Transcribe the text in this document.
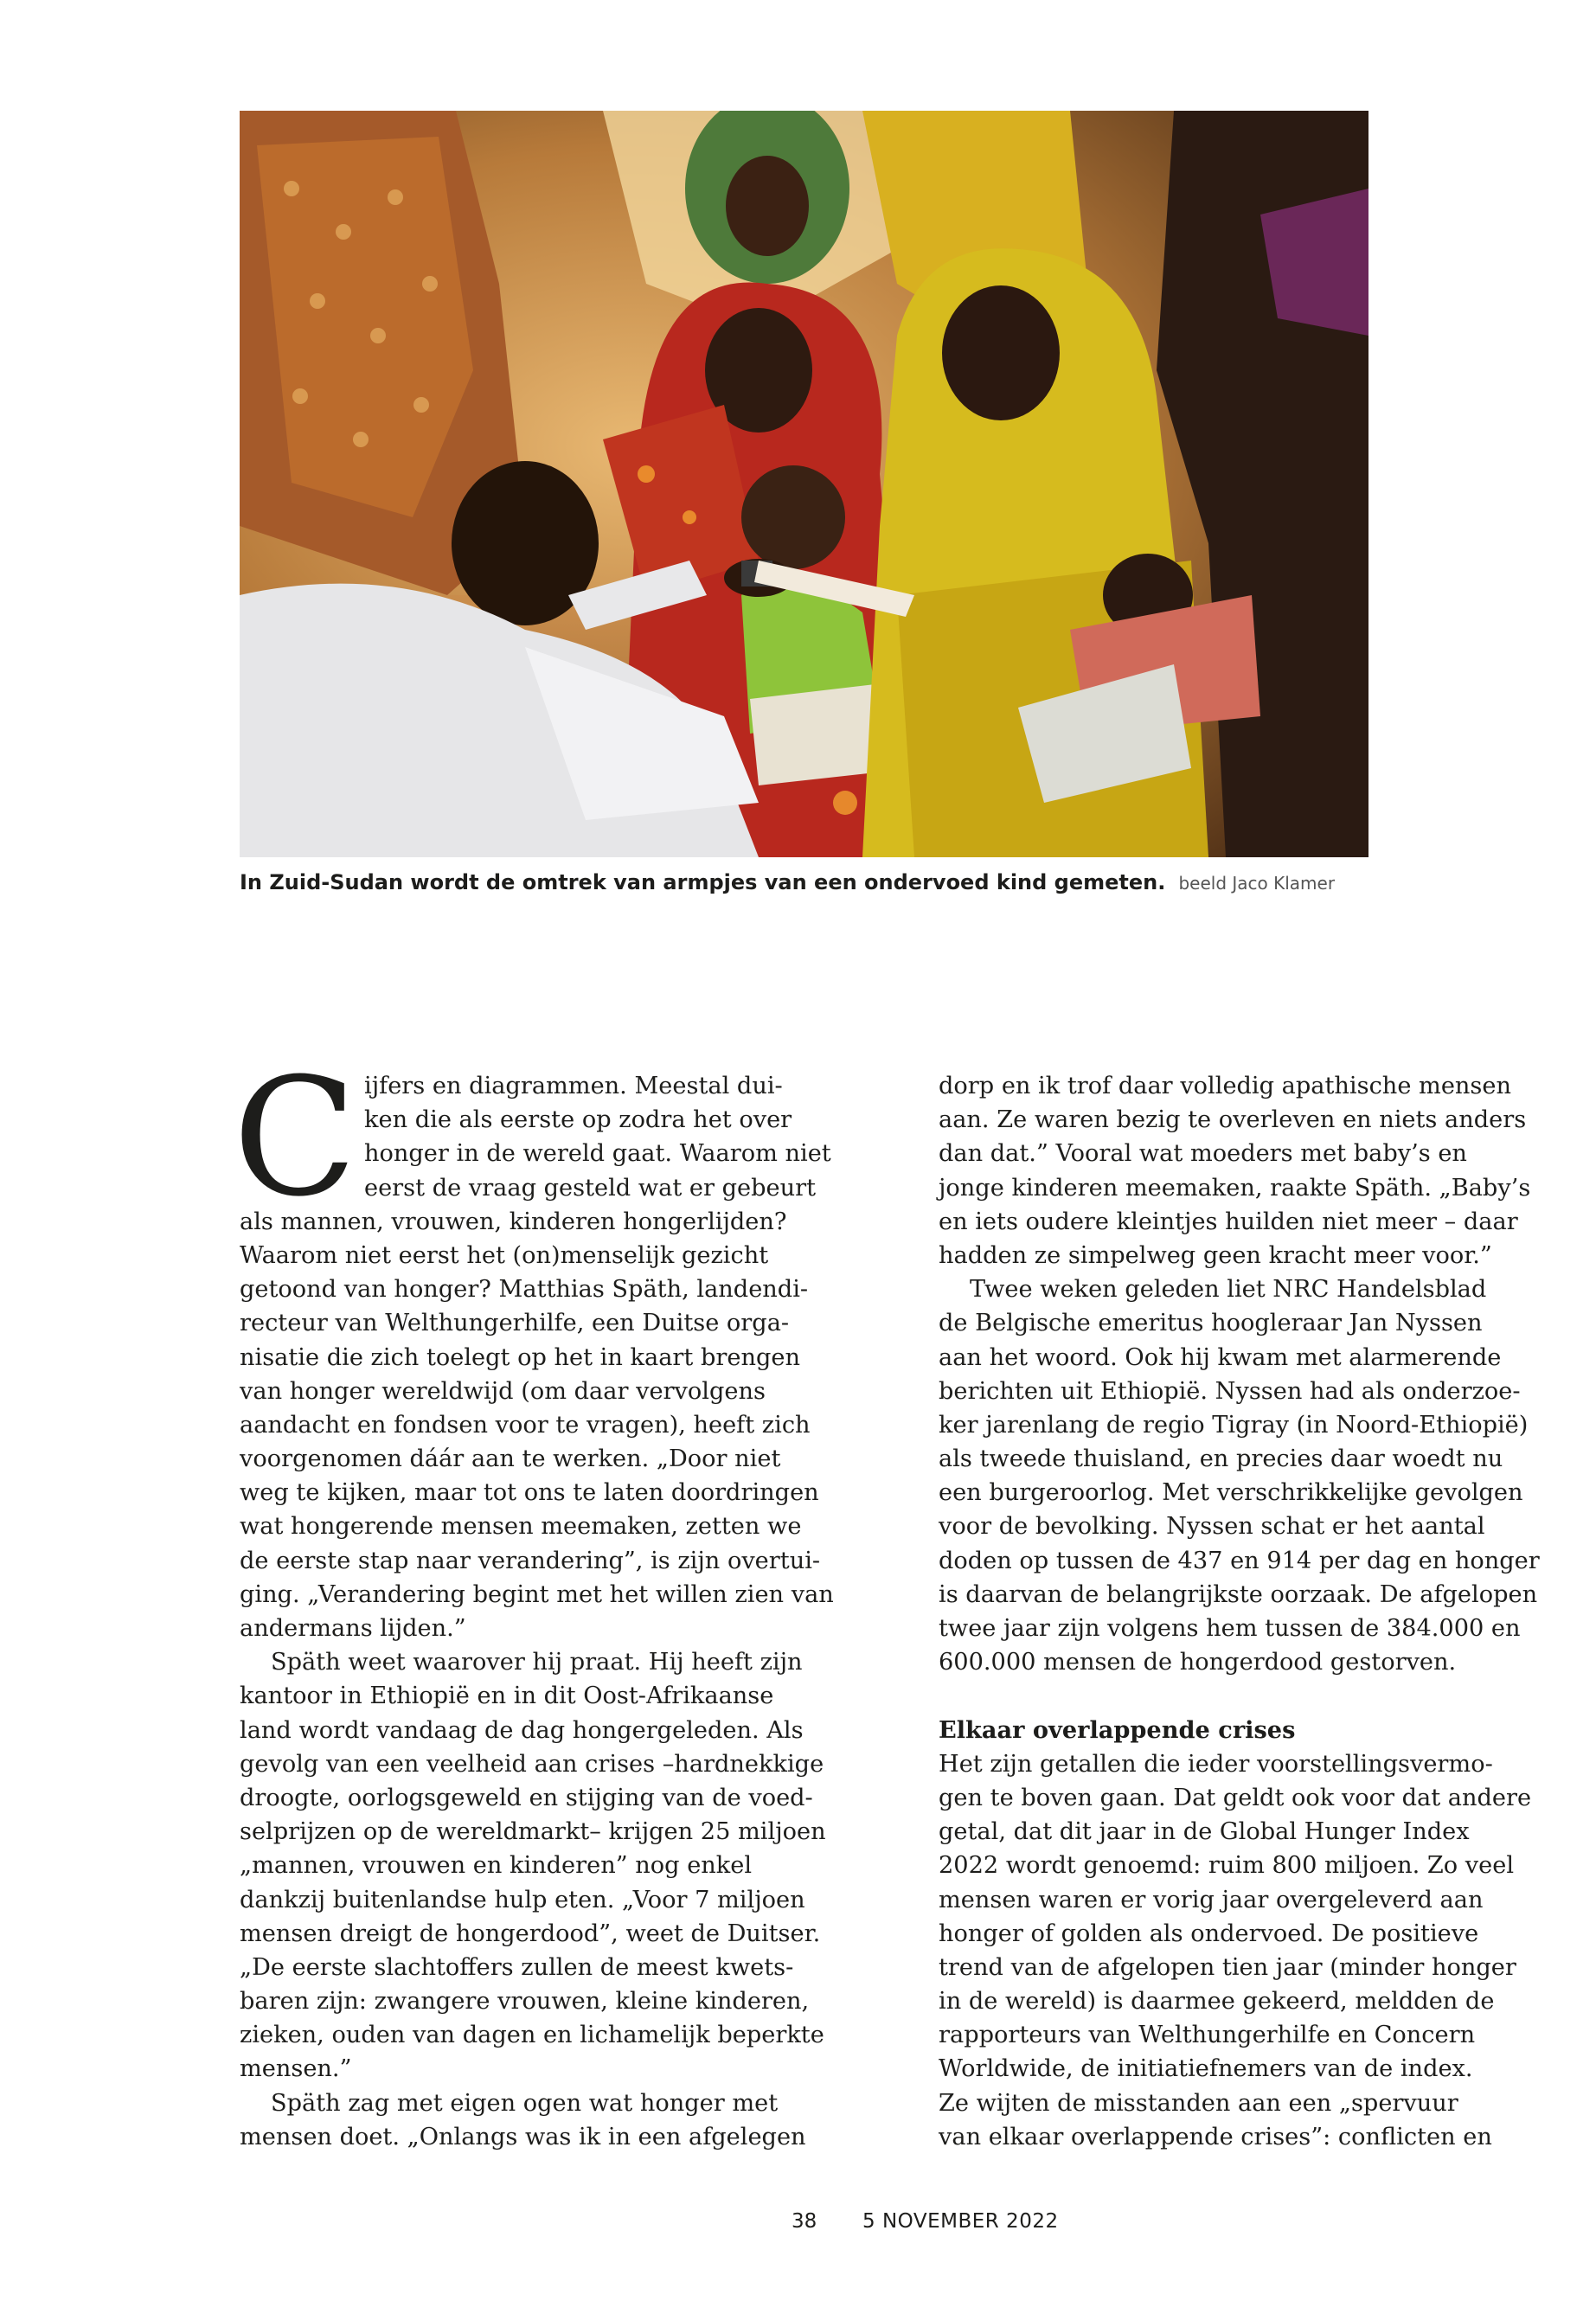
In Zuid-Sudan wordt de omtrek van armpjes van een ondervoed kind gemeten. beeld Jaco Klamer
C ijfers en diagrammen. Meestal dui-
ken die als eerste op zodra het over
honger in de wereld gaat. Waarom niet
eerst de vraag gesteld wat er gebeurt
als mannen, vrouwen, kinderen hongerlijden?
Waarom niet eerst het (on)menselijk gezicht
getoond van honger? Matthias Späth, landendi-
recteur van Welthungerhilfe, een Duitse orga-
nisatie die zich toelegt op het in kaart brengen
van honger wereldwijd (om daar vervolgens
aandacht en fondsen voor te vragen), heeft zich
voorgenomen dáár aan te werken. „Door niet
weg te kijken, maar tot ons te laten doordringen
wat hongerende mensen meemaken, zetten we
de eerste stap naar verandering”, is zijn overtui-
ging. „Verandering begint met het willen zien van
andermans lijden.”
Späth weet waarover hij praat. Hij heeft zijn
kantoor in Ethiopië en in dit Oost-Afrikaanse
land wordt vandaag de dag hongergeleden. Als
gevolg van een veelheid aan crises –hardnekkige
droogte, oorlogsgeweld en stijging van de voed-
selprijzen op de wereldmarkt– krijgen 25 miljoen
„mannen, vrouwen en kinderen” nog enkel
dankzij buitenlandse hulp eten. „Voor 7 miljoen
mensen dreigt de hongerdood”, weet de Duitser.
„De eerste slachtoffers zullen de meest kwets-
baren zijn: zwangere vrouwen, kleine kinderen,
zieken, ouden van dagen en lichamelijk beperkte
mensen.”
Späth zag met eigen ogen wat honger met
mensen doet. „Onlangs was ik in een afgelegen
dorp en ik trof daar volledig apathische mensen
aan. Ze waren bezig te overleven en niets anders
dan dat.” Vooral wat moeders met baby’s en
jonge kinderen meemaken, raakte Späth. „Baby’s
en iets oudere kleintjes huilden niet meer – daar
hadden ze simpelweg geen kracht meer voor.”
Twee weken geleden liet NRC Handelsblad
de Belgische emeritus hoogleraar Jan Nyssen
aan het woord. Ook hij kwam met alarmerende
berichten uit Ethiopië. Nyssen had als onderzoe-
ker jarenlang de regio Tigray (in Noord-Ethiopië)
als tweede thuisland, en precies daar woedt nu
een burgeroorlog. Met verschrikkelijke gevolgen
voor de bevolking. Nyssen schat er het aantal
doden op tussen de 437 en 914 per dag en honger
is daarvan de belangrijkste oorzaak. De afgelopen
twee jaar zijn volgens hem tussen de 384.000 en
600.000 mensen de hongerdood gestorven.
Elkaar overlappende crises
Het zijn getallen die ieder voorstellingsvermo-
gen te boven gaan. Dat geldt ook voor dat andere
getal, dat dit jaar in de Global Hunger Index
2022 wordt genoemd: ruim 800 miljoen. Zo veel
mensen waren er vorig jaar overgeleverd aan
honger of golden als ondervoed. De positieve
trend van de afgelopen tien jaar (minder honger
in de wereld) is daarmee gekeerd, meldden de
rapporteurs van Welthungerhilfe en Concern
Worldwide, de initiatiefnemers van de index.
Ze wijten de misstanden aan een „spervuur
van elkaar overlappende crises”: conflicten en
38 5 NOVEMBER 2022
